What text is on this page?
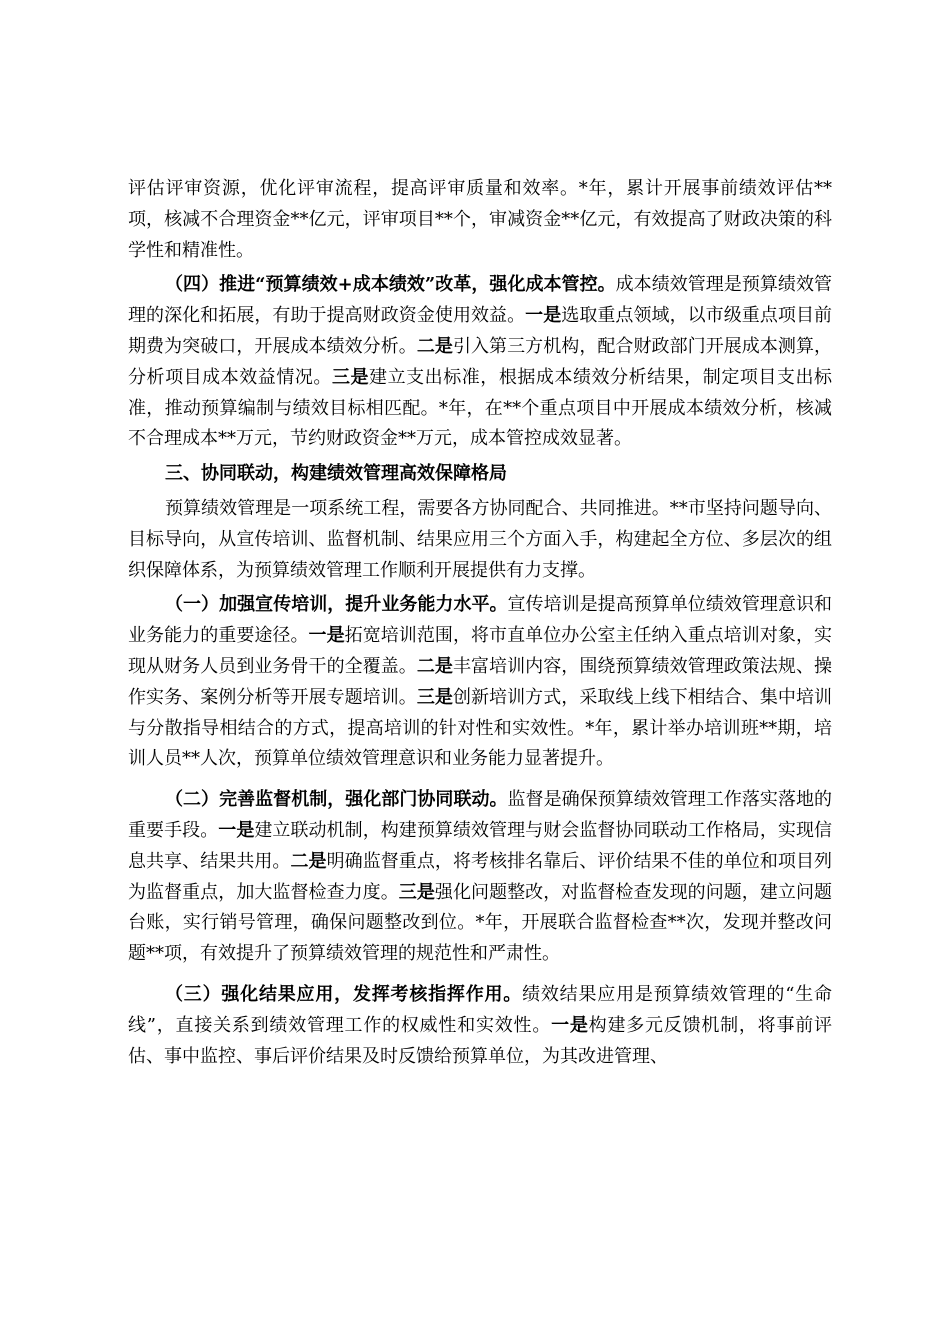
评估评审资源，优化评审流程，提高评审质量和效率。*年，累计开展事前绩效评估**项，核减不合理资金**亿元，评审项目**个，审减资金**亿元，有效提高了财政决策的科学性和精准性。

（四）推进“预算绩效+成本绩效”改革，强化成本管控。成本绩效管理是预算绩效管理的深化和拓展，有助于提高财政资金使用效益。一是选取重点领域，以市级重点项目前期费为突破口，开展成本绩效分析。二是引入第三方机构，配合财政部门开展成本测算，分析项目成本效益情况。三是建立支出标准，根据成本绩效分析结果，制定项目支出标准，推动预算编制与绩效目标相匹配。*年，在**个重点项目中开展成本绩效分析，核减不合理成本**万元，节约财政资金**万元，成本管控成效显著。

三、协同联动，构建绩效管理高效保障格局

预算绩效管理是一项系统工程，需要各方协同配合、共同推进。**市坚持问题导向、目标导向，从宣传培训、监督机制、结果应用三个方面入手，构建起全方位、多层次的组织保障体系，为预算绩效管理工作顺利开展提供有力支撑。

（一）加强宣传培训，提升业务能力水平。宣传培训是提高预算单位绩效管理意识和业务能力的重要途径。一是拓宽培训范围，将市直单位办公室主任纳入重点培训对象，实现从财务人员到业务骨干的全覆盖。二是丰富培训内容，围绕预算绩效管理政策法规、操作实务、案例分析等开展专题培训。三是创新培训方式，采取线上线下相结合、集中培训与分散指导相结合的方式，提高培训的针对性和实效性。*年，累计举办培训班**期，培训人员**人次，预算单位绩效管理意识和业务能力显著提升。

（二）完善监督机制，强化部门协同联动。监督是确保预算绩效管理工作落实落地的重要手段。一是建立联动机制，构建预算绩效管理与财会监督协同联动工作格局，实现信息共享、结果共用。二是明确监督重点，将考核排名靠后、评价结果不佳的单位和项目列为监督重点，加大监督检查力度。三是强化问题整改，对监督检查发现的问题，建立问题台账，实行销号管理，确保问题整改到位。*年，开展联合监督检查**次，发现并整改问题**项，有效提升了预算绩效管理的规范性和严肃性。

（三）强化结果应用，发挥考核指挥作用。绩效结果应用是预算绩效管理的“生命线”，直接关系到绩效管理工作的权威性和实效性。一是构建多元反馈机制，将事前评估、事中监控、事后评价结果及时反馈给预算单位，为其改进管理、
